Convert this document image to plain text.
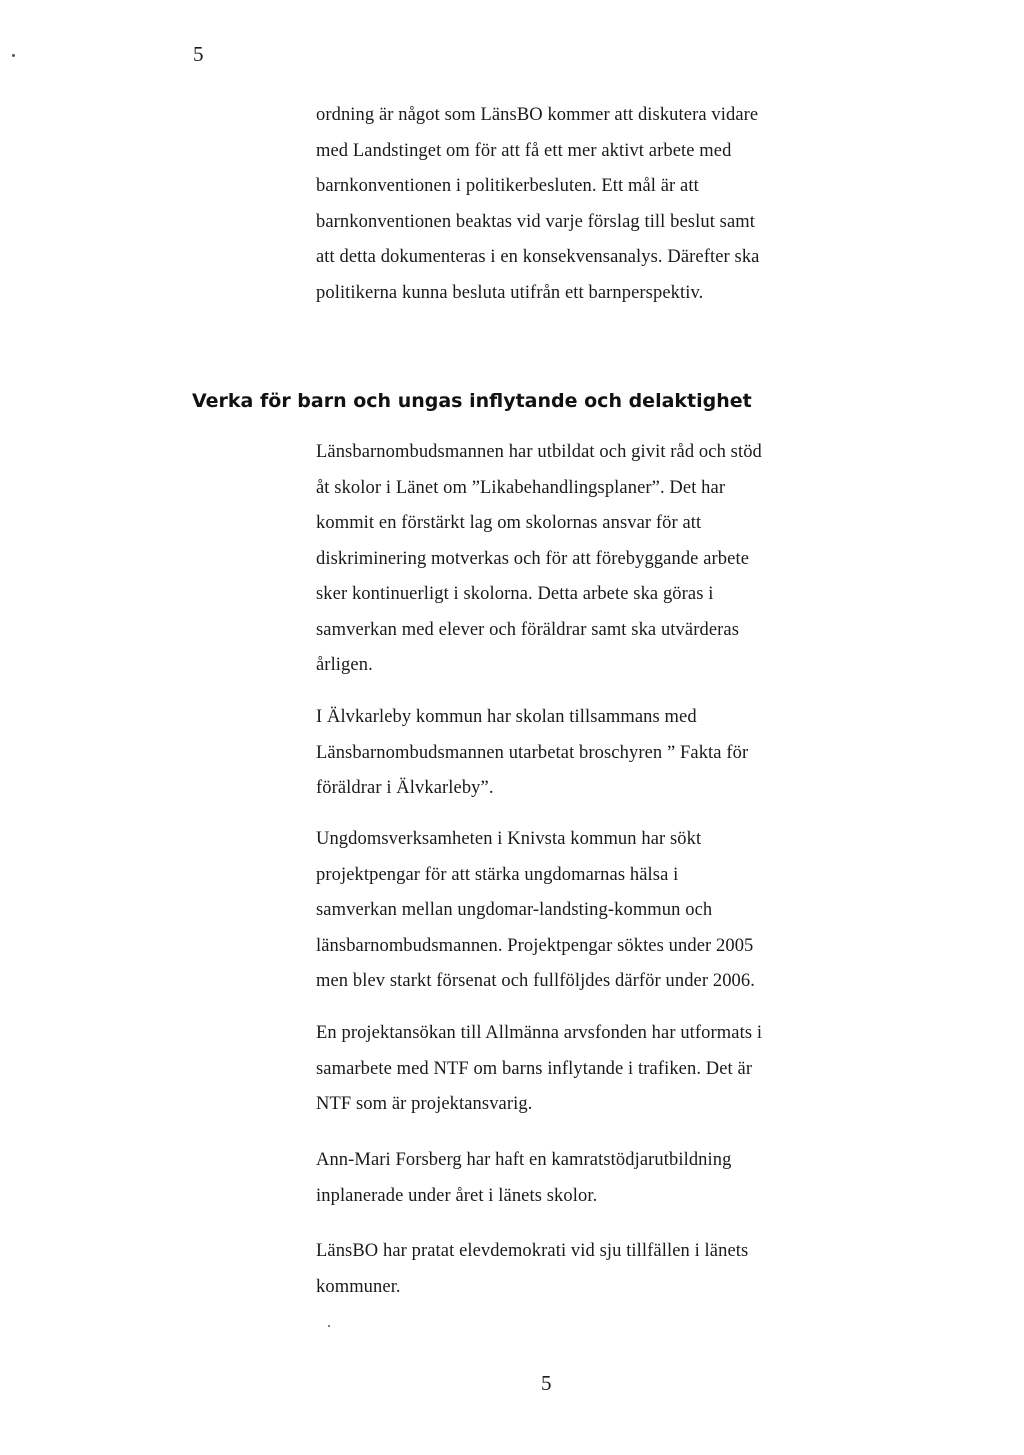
5

ordning är något som LänsBO kommer att diskutera vidare
med Landstinget om för att få ett mer aktivt arbete med
barnkonventionen i politikerbesluten. Ett mål är att
barnkonventionen beaktas vid varje förslag till beslut samt
att detta dokumenteras i en konsekvensanalys. Därefter ska
politikerna kunna besluta utifrån ett barnperspektiv.

Verka för barn och ungas inflytande och delaktighet

Länsbarnombudsmannen har utbildat och givit råd och stöd
åt skolor i Länet om ”Likabehandlingsplaner”. Det har
kommit en förstärkt lag om skolornas ansvar för att
diskriminering motverkas och för att förebyggande arbete
sker kontinuerligt i skolorna. Detta arbete ska göras i
samverkan med elever och föräldrar samt ska utvärderas
årligen.

I Älvkarleby kommun har skolan tillsammans med
Länsbarnombudsmannen utarbetat broschyren ” Fakta för
föräldrar i Älvkarleby”.

Ungdomsverksamheten i Knivsta kommun har sökt
projektpengar för att stärka ungdomarnas hälsa i
samverkan mellan ungdomar-landsting-kommun och
länsbarnombudsmannen. Projektpengar söktes under 2005
men blev starkt försenat och fullföljdes därför under 2006.

En projektansökan till Allmänna arvsfonden har utformats i
samarbete med NTF om barns inflytande i trafiken. Det är
NTF som är projektansvarig.

Ann-Mari Forsberg har haft en kamratstödjarutbildning
inplanerade under året i länets skolor.

LänsBO har pratat elevdemokrati vid sju tillfällen i länets
kommuner.

5
